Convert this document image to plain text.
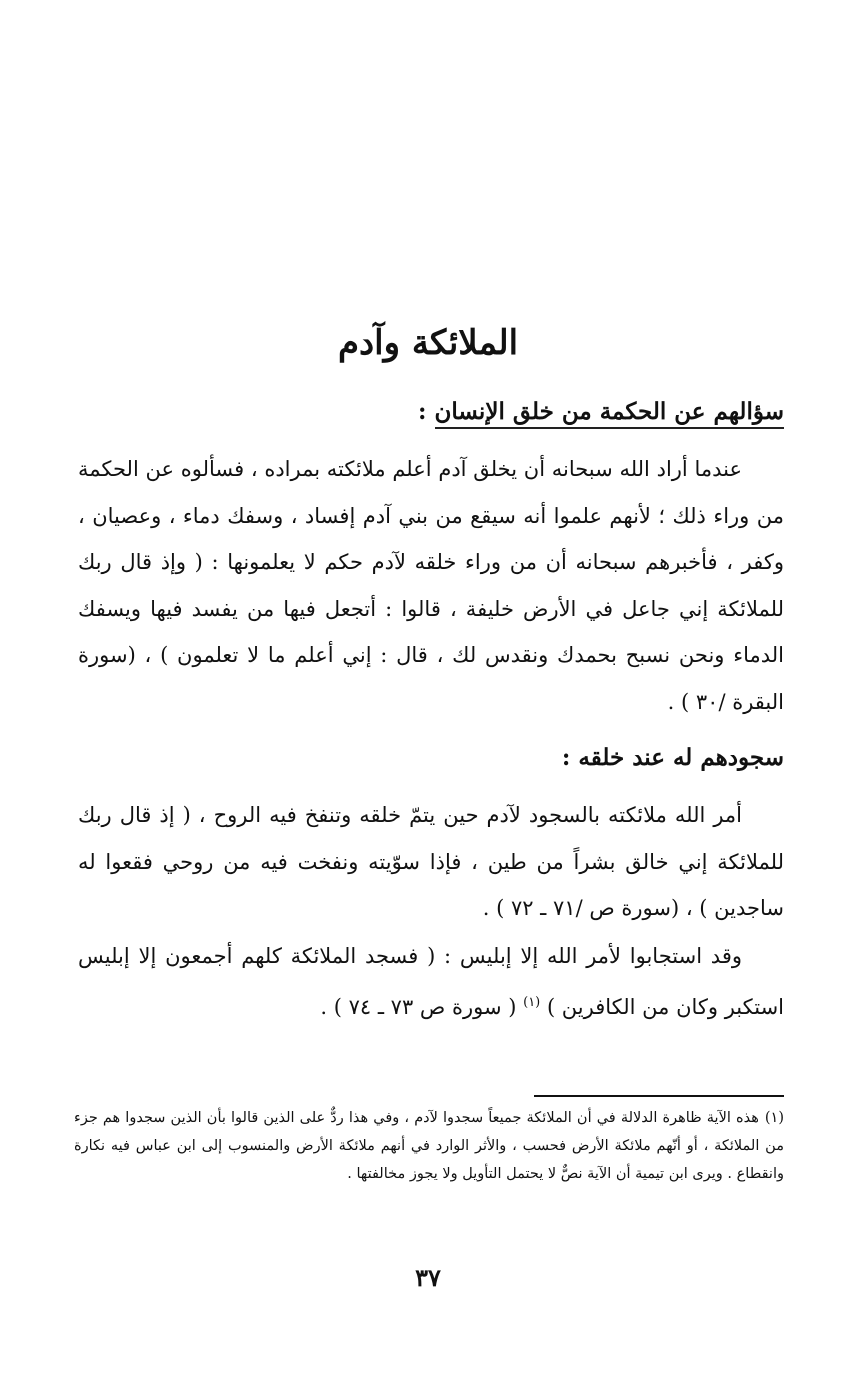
الملائكة وآدم
سؤالهم عن الحكمة من خلق الإنسان :

عندما أراد الله سبحانه أن يخلق آدم أعلم ملائكته بمراده ، فسألوه عن الحكمة من وراء ذلك ؛ لأنهم علموا أنه سيقع من بني آدم إفساد ، وسفك دماء ، وعصيان ، وكفر ، فأخبرهم سبحانه أن من وراء خلقه لآدم حكم لا يعلمونها : ( وإذ قال ربك للملائكة إني جاعل في الأرض خليفة ، قالوا : أتجعل فيها من يفسد فيها ويسفك الدماء ونحن نسبح بحمدك ونقدس لك ، قال : إني أعلم ما لا تعلمون ) ، (سورة البقرة /٣٠ ) .

سجودهم له عند خلقه :

أمر الله ملائكته بالسجود لآدم حين يتمّ خلقه وتنفخ فيه الروح ، ( إذ قال ربك للملائكة إني خالق بشراً من طين ، فإذا سوّيته ونفخت فيه من روحي فقعوا له ساجدين ) ، (سورة ص /٧١ ـ ٧٢ ) .

وقد استجابوا لأمر الله إلا إبليس : ( فسجد الملائكة كلهم أجمعون إلا إبليس استكبر وكان من الكافرين ) $^{(١)}$ ( سورة ص ٧٣ ـ ٧٤ ) .

(١)هذه الآية ظاهرة الدلالة في أن الملائكة جميعاً سجدوا لآدم ، وفي هذا ردٌّ على الذين قالوا بأن الذين سجدوا هم جزء من الملائكة ، أو أنّهم ملائكة الأرض فحسب ، والأثر الوارد في أنهم ملائكة الأرض والمنسوب إلى ابن عباس فيه نكارة وانقطاع . ويرى ابن تيمية أن الآية نصٌّ لا يحتمل التأويل ولا يجوز مخالفتها .

٣٧
